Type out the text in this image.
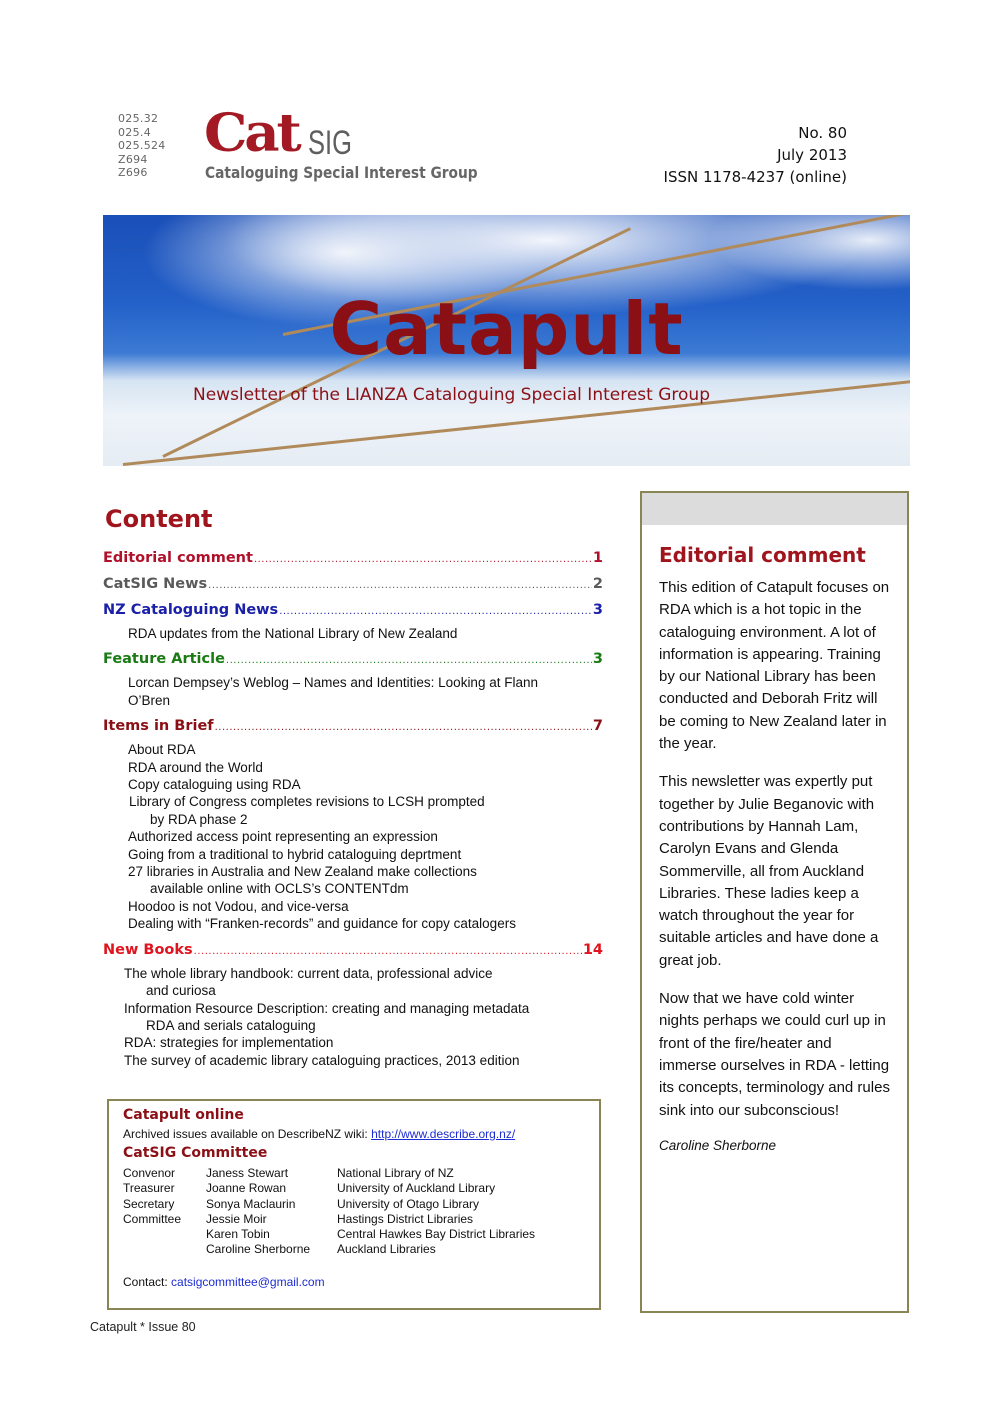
025.32
025.4
025.524
Z694
Z696
Cat SIG
Cataloguing Special Interest Group
No. 80
July 2013
ISSN 1178-4237 (online)
Catapult
Newsletter of the LIANZA Cataloguing Special Interest Group
Content
Editorial comment .....	1
CatSIG News .....	2
NZ Cataloguing News .....	3
RDA updates from the National Library of New Zealand
Feature Article .....	3
Lorcan Dempsey’s Weblog – Names and Identities: Looking at Flann
O’Bren
Items in Brief .....	7
About RDA
RDA around the World
Copy cataloguing using RDA
Library of Congress completes revisions to LCSH prompted
by RDA phase 2
Authorized access point representing an expression
Going from a traditional to hybrid cataloguing deprtment
27 libraries in Australia and New Zealand make collections
available online with OCLS’s CONTENTdm
Hoodoo is not Vodou, and vice-versa
Dealing with “Franken-records” and guidance for copy catalogers
New Books .....	14
The whole library handbook: current data, professional advice
and curiosa
Information Resource Description: creating and managing metadata
RDA and serials cataloguing
RDA: strategies for implementation
The survey of academic library cataloguing practices, 2013 edition
Catapult online
Archived issues available on DescribeNZ wiki: http://www.describe.org.nz/
CatSIG Committee
Convenor	Janess Stewart	National Library of NZ
Treasurer	Joanne Rowan	University of Auckland Library
Secretary	Sonya Maclaurin	University of Otago Library
Committee	Jessie Moir	Hastings District Libraries
	Karen Tobin	Central Hawkes Bay District Libraries
	Caroline Sherborne	Auckland Libraries
Contact: catsigcommittee@gmail.com
Editorial comment

This edition of Catapult focuses on RDA which is a hot topic in the cataloguing environment. A lot of information is appearing. Training by our National Library has been conducted and Deborah Fritz will be coming to New Zealand later in the year.

This newsletter was expertly put together by Julie Beganovic with contributions by Hannah Lam, Carolyn Evans and Glenda Sommerville, all from Auckland Libraries. These ladies keep a watch throughout the year for suitable articles and have done a great job.

Now that we have cold winter nights perhaps we could curl up in front of the fire/heater and immerse ourselves in RDA - letting its concepts, terminology and rules sink into our subconscious!

Caroline Sherborne
Catapult * Issue 80
